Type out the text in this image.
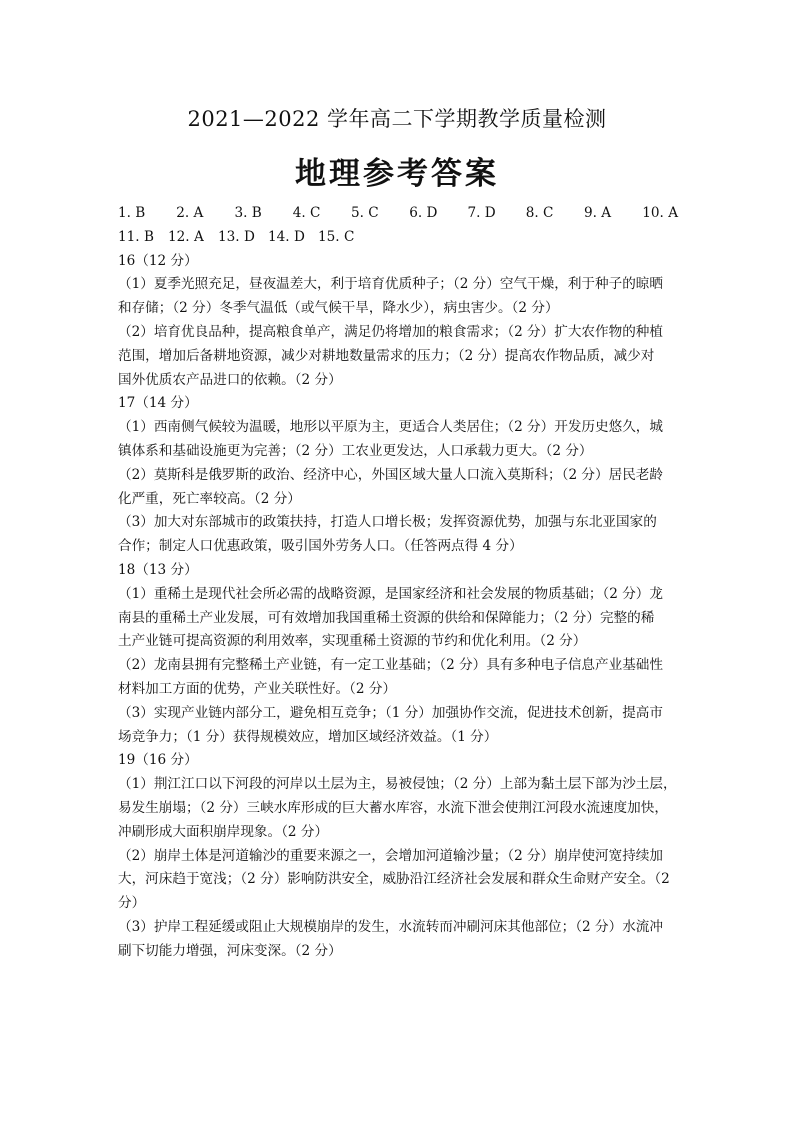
2021—2022 学年高二下学期教学质量检测
地理参考答案
1. B	2. A	3. B	4. C	5. C	6. D	7. D	8. C	9. A	10. A
11. B	12. A	13. D 14. D 15. C
16（12 分）
（1）夏季光照充足，昼夜温差大，利于培育优质种子；（2 分）空气干燥，利于种子的晾晒
和存储；（2 分）冬季气温低（或气候干旱，降水少），病虫害少。（2 分）
（2）培育优良品种，提高粮食单产，满足仍将增加的粮食需求；（2 分）扩大农作物的种植
范围，增加后备耕地资源，减少对耕地数量需求的压力；（2 分）提高农作物品质，减少对
国外优质农产品进口的依赖。（2 分）
17（14 分）
（1）西南侧气候较为温暖，地形以平原为主，更适合人类居住；（2 分）开发历史悠久，城
镇体系和基础设施更为完善；（2 分）工农业更发达，人口承载力更大。（2 分）
（2）莫斯科是俄罗斯的政治、经济中心，外国区域大量人口流入莫斯科；（2 分）居民老龄
化严重，死亡率较高。（2 分）
（3）加大对东部城市的政策扶持，打造人口增长极；发挥资源优势，加强与东北亚国家的
合作；制定人口优惠政策，吸引国外劳务人口。（任答两点得 4 分）
18（13 分）
（1）重稀土是现代社会所必需的战略资源，是国家经济和社会发展的物质基础；（2 分）龙
南县的重稀土产业发展，可有效增加我国重稀土资源的供给和保障能力；（2 分）完整的稀
土产业链可提高资源的利用效率，实现重稀土资源的节约和优化利用。（2 分）
（2）龙南县拥有完整稀土产业链，有一定工业基础；（2 分）具有多种电子信息产业基础性
材料加工方面的优势，产业关联性好。（2 分）
（3）实现产业链内部分工，避免相互竞争；（1 分）加强协作交流，促进技术创新，提高市
场竞争力；（1 分）获得规模效应，增加区域经济效益。（1 分）
19（16 分）
（1）荆江江口以下河段的河岸以土层为主，易被侵蚀；（2 分）上部为黏土层下部为沙土层，
易发生崩塌；（2 分）三峡水库形成的巨大蓄水库容，水流下泄会使荆江河段水流速度加快，
冲刷形成大面积崩岸现象。（2 分）
（2）崩岸土体是河道输沙的重要来源之一，会增加河道输沙量；（2 分）崩岸使河宽持续加
大，河床趋于宽浅；（2 分）影响防洪安全，威胁沿江经济社会发展和群众生命财产安全。（2
分）
（3）护岸工程延缓或阻止大规模崩岸的发生，水流转而冲刷河床其他部位；（2 分）水流冲
刷下切能力增强，河床变深。（2 分）
